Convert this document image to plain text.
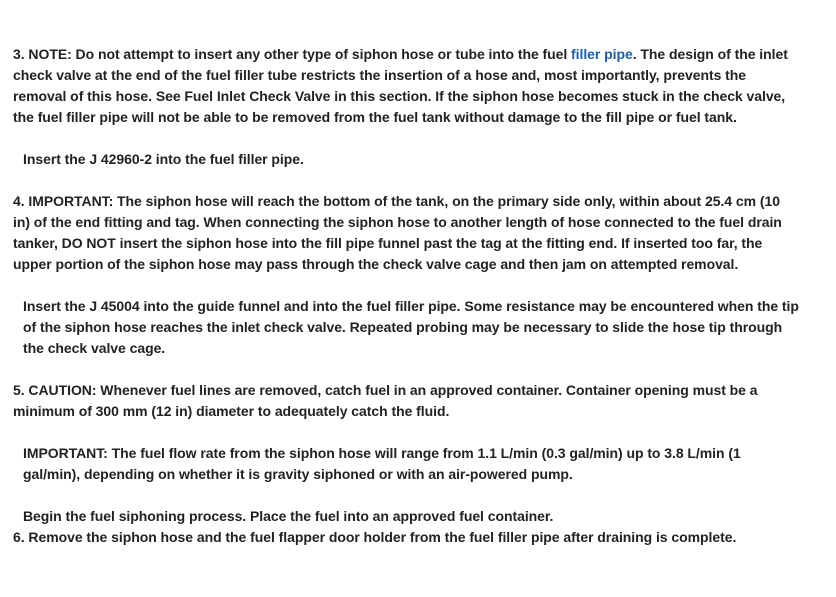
3. NOTE: Do not attempt to insert any other type of siphon hose or tube into the fuel filler pipe. The design of the inlet check valve at the end of the fuel filler tube restricts the insertion of a hose and, most importantly, prevents the removal of this hose. See Fuel Inlet Check Valve in this section. If the siphon hose becomes stuck in the check valve, the fuel filler pipe will not be able to be removed from the fuel tank without damage to the fill pipe or fuel tank.

Insert the J 42960-2 into the fuel filler pipe.

4. IMPORTANT: The siphon hose will reach the bottom of the tank, on the primary side only, within about 25.4 cm (10 in) of the end fitting and tag. When connecting the siphon hose to another length of hose connected to the fuel drain tanker, DO NOT insert the siphon hose into the fill pipe funnel past the tag at the fitting end. If inserted too far, the upper portion of the siphon hose may pass through the check valve cage and then jam on attempted removal.

Insert the J 45004 into the guide funnel and into the fuel filler pipe. Some resistance may be encountered when the tip of the siphon hose reaches the inlet check valve. Repeated probing may be necessary to slide the hose tip through the check valve cage.

5. CAUTION: Whenever fuel lines are removed, catch fuel in an approved container. Container opening must be a minimum of 300 mm (12 in) diameter to adequately catch the fluid.

IMPORTANT: The fuel flow rate from the siphon hose will range from 1.1 L/min (0.3 gal/min) up to 3.8 L/min (1 gal/min), depending on whether it is gravity siphoned or with an air-powered pump.

Begin the fuel siphoning process. Place the fuel into an approved fuel container.

6. Remove the siphon hose and the fuel flapper door holder from the fuel filler pipe after draining is complete.
